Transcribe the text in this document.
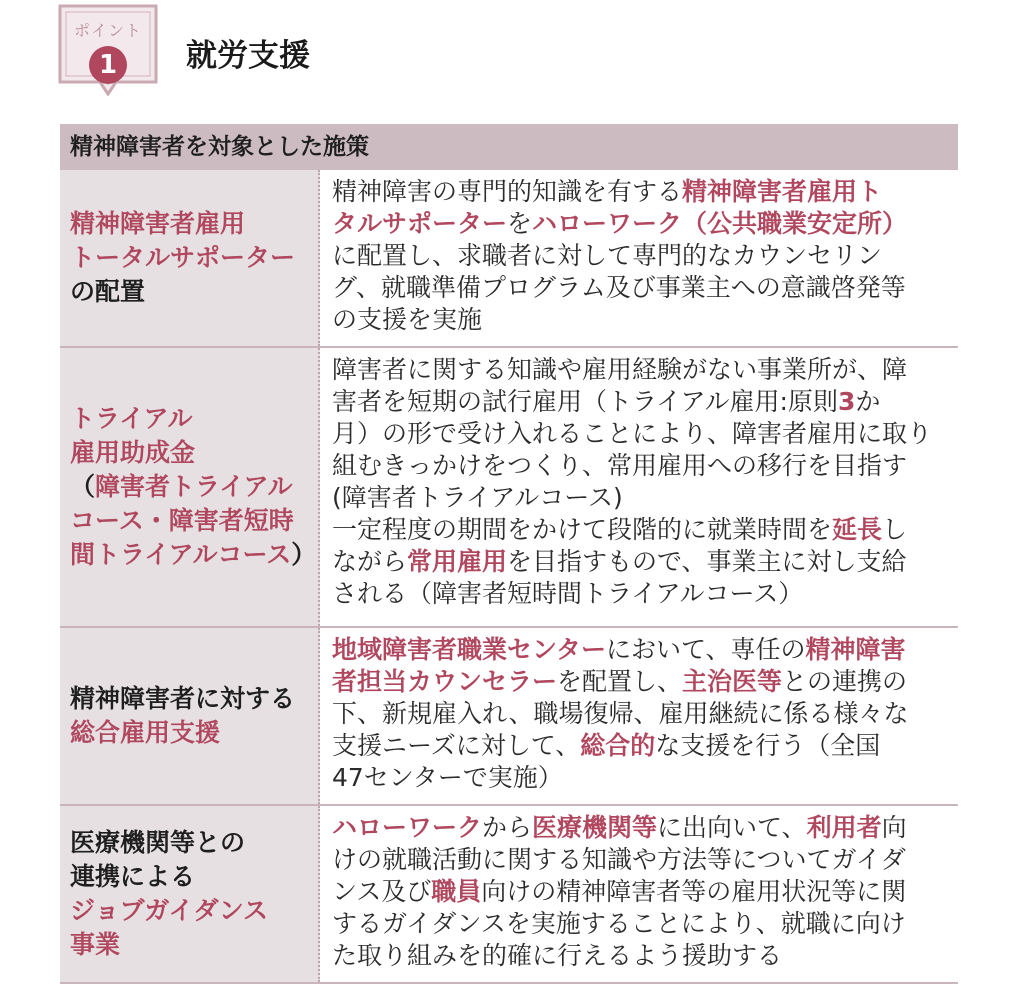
ポイント
1	就労支援
精神障害者を対象とした施策
精神障害者雇用
トータルサポーター
の配置
精神障害の専門的知識を有する精神障害者雇用ト
タルサポーターをハローワーク（公共職業安定所）
に配置し、求職者に対して専門的なカウンセリン
グ、就職準備プログラム及び事業主への意識啓発等
の支援を実施
トライアル
雇用助成金
（障害者トライアル
コース・障害者短時
間トライアルコース）
障害者に関する知識や雇用経験がない事業所が、障
害者を短期の試行雇用（トライアル雇用:原則3か
月）の形で受け入れることにより、障害者雇用に取り
組むきっかけをつくり、常用雇用への移行を目指す
(障害者トライアルコース)
一定程度の期間をかけて段階的に就業時間を延長し
ながら常用雇用を目指すもので、事業主に対し支給
される（障害者短時間トライアルコース）
精神障害者に対する
総合雇用支援
地域障害者職業センターにおいて、専任の精神障害
者担当カウンセラーを配置し、主治医等との連携の
下、新規雇入れ、職場復帰、雇用継続に係る様々な
支援ニーズに対して、総合的な支援を行う（全国
47センターで実施）
医療機関等との
連携による
ジョブガイダンス
事業
ハローワークから医療機関等に出向いて、利用者向
けの就職活動に関する知識や方法等についてガイダ
ンス及び職員向けの精神障害者等の雇用状況等に関
するガイダンスを実施することにより、就職に向け
た取り組みを的確に行えるよう援助する
